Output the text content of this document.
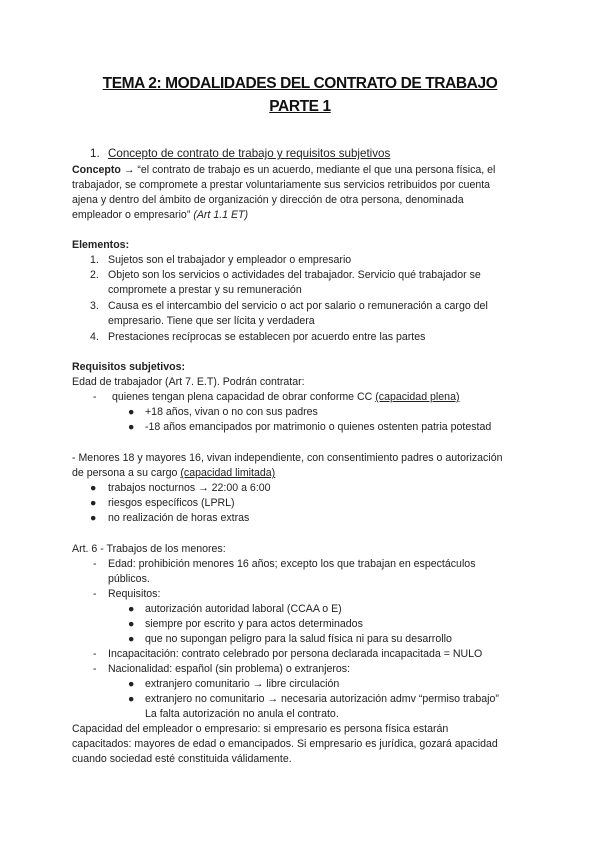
TEMA 2: MODALIDADES DEL CONTRATO DE TRABAJO
PARTE 1
1. Concepto de contrato de trabajo y requisitos subjetivos
Concepto → “el contrato de trabajo es un acuerdo, mediante el que una persona física, el
trabajador, se compromete a prestar voluntariamente sus servicios retribuidos por cuenta
ajena y dentro del ámbito de organización y dirección de otra persona, denominada
empleador o empresario” (Art 1.1 ET)
Elementos:
1. Sujetos son el trabajador y empleador o empresario
2. Objeto son los servicios o actividades del trabajador. Servicio qué trabajador se
compromete a prestar y su remuneración
3. Causa es el intercambio del servicio o act por salario o remuneración a cargo del
empresario. Tiene que ser lícita y verdadera
4. Prestaciones recíprocas se establecen por acuerdo entre las partes
Requisitos subjetivos:
Edad de trabajador (Art 7. E.T). Podrán contratar:
- quienes tengan plena capacidad de obrar conforme CC (capacidad plena)
● +18 años, vivan o no con sus padres
● -18 años emancipados por matrimonio o quienes ostenten patria potestad
- Menores 18 y mayores 16, vivan independiente, con consentimiento padres o autorización
de persona a su cargo (capacidad limitada)
● trabajos nocturnos → 22:00 a 6:00
● riesgos específicos (LPRL)
● no realización de horas extras
Art. 6 - Trabajos de los menores:
- Edad: prohibición menores 16 años; excepto los que trabajan en espectáculos
públicos.
- Requisitos:
● autorización autoridad laboral (CCAA o E)
● siempre por escrito y para actos determinados
● que no supongan peligro para la salud física ni para su desarrollo
- Incapacitación: contrato celebrado por persona declarada incapacitada = NULO
- Nacionalidad: español (sin problema) o extranjeros:
● extranjero comunitario → libre circulación
● extranjero no comunitario → necesaria autorización admv “permiso trabajo”
La falta autorización no anula el contrato.
Capacidad del empleador o empresario: si empresario es persona física estarán
capacitados: mayores de edad o emancipados. Si empresario es jurídica, gozará apacidad
cuando sociedad esté constituida válidamente.
